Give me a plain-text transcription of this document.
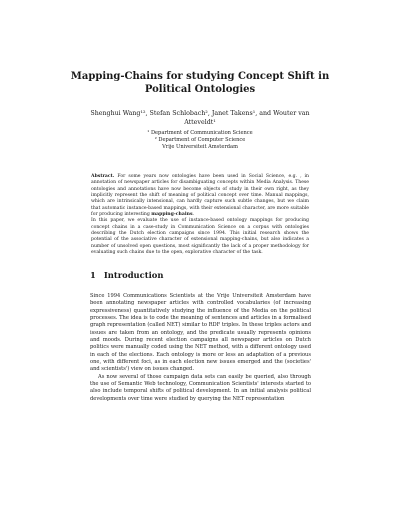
Mapping-Chains for studying Concept Shift in
Political Ontologies
Shenghui Wang¹², Stefan Schlobach², Janet Takens¹, and Wouter van
Atteveldt¹
¹ Department of Communication Science
² Department of Computer Science
Vrije Universiteit Amsterdam

Abstract. For some years now ontologies have been used in Social Science, e.g. , in annotation of newspaper articles for disambiguating concepts within Media Analysis. These ontologies and annotations have now become objects of study in their own right, as they implicitly represent the shift of meaning of political concept over time. Manual mappings, which are intrinsically intensional, can hardly capture such subtle changes, but we claim that automatic instance-based mappings, with their extensional character, are more suitable for producing interesting mapping-chains.

In this paper, we evaluate the use of instance-based ontology mappings for producing concept chains in a case-study in Communication Science on a corpus with ontologies describing the Dutch election campaigns since 1994. This initial research shows the potential of the associative character of extensional mapping-chains, but also indicates a number of unsolved open questions, most significantly the lack of a proper methodology for evaluating such chains due to the open, explorative character of the task.

1 Introduction

Since 1994 Communications Scientists at the Vrije Universiteit Amsterdam have been annotating newspaper articles with controlled vocabularies (of increasing expressiveness) quantitatively studying the influence of the Media on the political processes. The idea is to code the meaning of sentences and articles in a formalised graph representation (called NET) similar to RDF triples. In these triples actors and issues are taken from an ontology, and the predicate usually represents opinions and moods. During recent election campaigns all newspaper articles on Dutch politics were manually coded using the NET method, with a different ontology used in each of the elections. Each ontology is more or less an adaptation of a previous one, with different foci, as in each election new issues emerged and the (societies' and scientists') view on issues changed.

As now several of those campaign data sets can easily be queried, also through the use of Semantic Web technology, Communication Scientists' interests started to also include temporal shifts of political development. In an initial analysis political developments over time were studied by querying the NET representation
